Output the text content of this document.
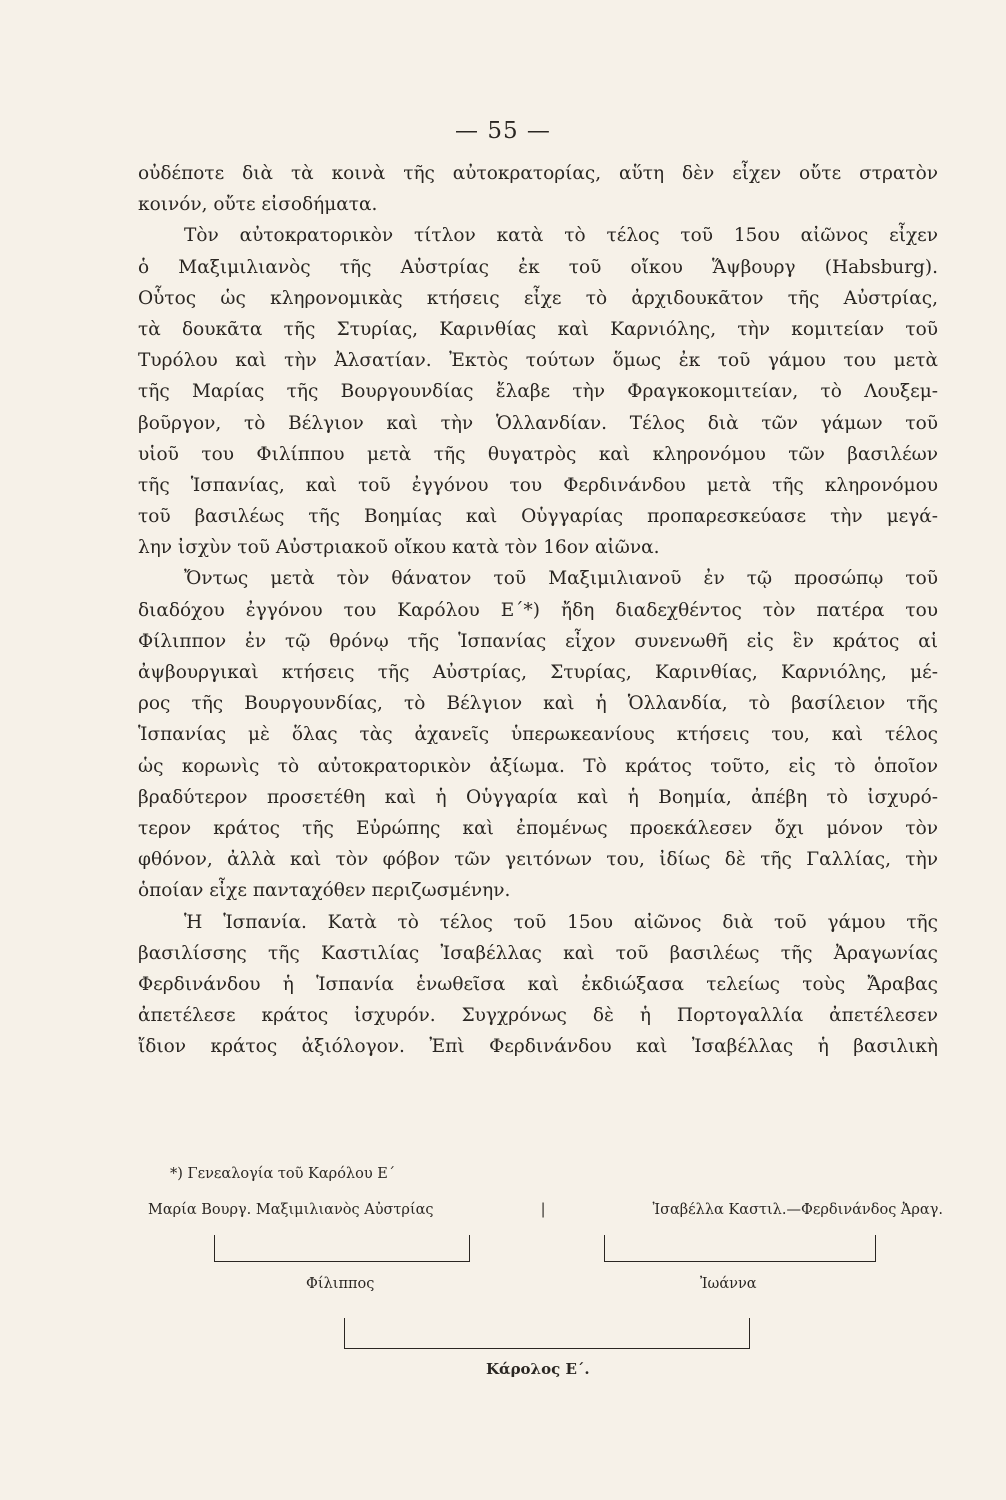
— 55 —
οὐδέποτε διὰ τὰ κοινὰ τῆς αὐτοκρατορίας, αὕτη δὲν εἶχεν οὔτε στρατὸν
κοινόν, οὔτε εἰσοδήματα.
Τὸν αὐτοκρατορικὸν τίτλον κατὰ τὸ τέλος τοῦ 15ου αἰῶνος εἶχεν
ὁ Μαξιμιλιανὸς τῆς Αὐστρίας ἐκ τοῦ οἴκου Ἅψβουργ (Habsburg).
Οὗτος ὡς κληρονομικὰς κτήσεις εἶχε τὸ ἀρχιδουκᾶτον τῆς Αὐστρίας,
τὰ δουκᾶτα τῆς Στυρίας, Καρινθίας καὶ Καρνιόλης, τὴν κομιτείαν τοῦ
Τυρόλου καὶ τὴν Ἀλσατίαν. Ἐκτὸς τούτων ὅμως ἐκ τοῦ γάμου του μετὰ
τῆς Μαρίας τῆς Βουργουνδίας ἔλαβε τὴν Φραγκοκομιτείαν, τὸ Λουξεμ-
βοῦργον, τὸ Βέλγιον καὶ τὴν Ὁλλανδίαν. Τέλος διὰ τῶν γάμων τοῦ
υἱοῦ του Φιλίππου μετὰ τῆς θυγατρὸς καὶ κληρονόμου τῶν βασιλέων
τῆς Ἱσπανίας, καὶ τοῦ ἐγγόνου του Φερδινάνδου μετὰ τῆς κληρονόμου
τοῦ βασιλέως τῆς Βοημίας καὶ Οὑγγαρίας προπαρεσκεύασε τὴν μεγά-
λην ἰσχὺν τοῦ Αὐστριακοῦ οἴκου κατὰ τὸν 16ον αἰῶνα.
Ὄντως μετὰ τὸν θάνατον τοῦ Μαξιμιλιανοῦ ἐν τῷ προσώπῳ τοῦ
διαδόχου ἐγγόνου του Καρόλου Ε΄*) ἤδη διαδεχθέντος τὸν πατέρα του
Φίλιππον ἐν τῷ θρόνῳ τῆς Ἱσπανίας εἶχον συνενωθῆ εἰς ἓν κράτος αἱ
ἀψβουργικαὶ κτήσεις τῆς Αὐστρίας, Στυρίας, Καρινθίας, Καρνιόλης, μέ-
ρος τῆς Βουργουνδίας, τὸ Βέλγιον καὶ ἡ Ὁλλανδία, τὸ βασίλειον τῆς
Ἱσπανίας μὲ ὅλας τὰς ἀχανεῖς ὑπερωκεανίους κτήσεις του, καὶ τέλος
ὡς κορωνὶς τὸ αὐτοκρατορικὸν ἀξίωμα. Τὸ κράτος τοῦτο, εἰς τὸ ὁποῖον
βραδύτερον προσετέθη καὶ ἡ Οὑγγαρία καὶ ἡ Βοημία, ἀπέβη τὸ ἰσχυρό-
τερον κράτος τῆς Εὐρώπης καὶ ἐπομένως προεκάλεσεν ὄχι μόνον τὸν
φθόνον, ἀλλὰ καὶ τὸν φόβον τῶν γειτόνων του, ἰδίως δὲ τῆς Γαλλίας, τὴν
ὁποίαν εἶχε πανταχόθεν περιζωσμένην.
Ἡ Ἱσπανία. Κατὰ τὸ τέλος τοῦ 15ου αἰῶνος διὰ τοῦ γάμου τῆς
βασιλίσσης τῆς Καστιλίας Ἰσαβέλλας καὶ τοῦ βασιλέως τῆς Ἀραγωνίας
Φερδινάνδου ἡ Ἱσπανία ἑνωθεῖσα καὶ ἐκδιώξασα τελείως τοὺς Ἄραβας
ἀπετέλεσε κράτος ἰσχυρόν. Συγχρόνως δὲ ἡ Πορτογαλλία ἀπετέλεσεν
ἴδιον κράτος ἀξιόλογον. Ἐπὶ Φερδινάνδου καὶ Ἰσαβέλλας ἡ βασιλικὴ
*) Γενεαλογία τοῦ Καρόλου Ε΄
Μαρία Βουργ. Μαξιμιλιανὸς Αὐστρίας	|	Ἰσαβέλλα Καστιλ.—Φερδινάνδος Ἀραγ.
Φίλιππος	Ἰωάννα
Κάρολος Ε΄.
